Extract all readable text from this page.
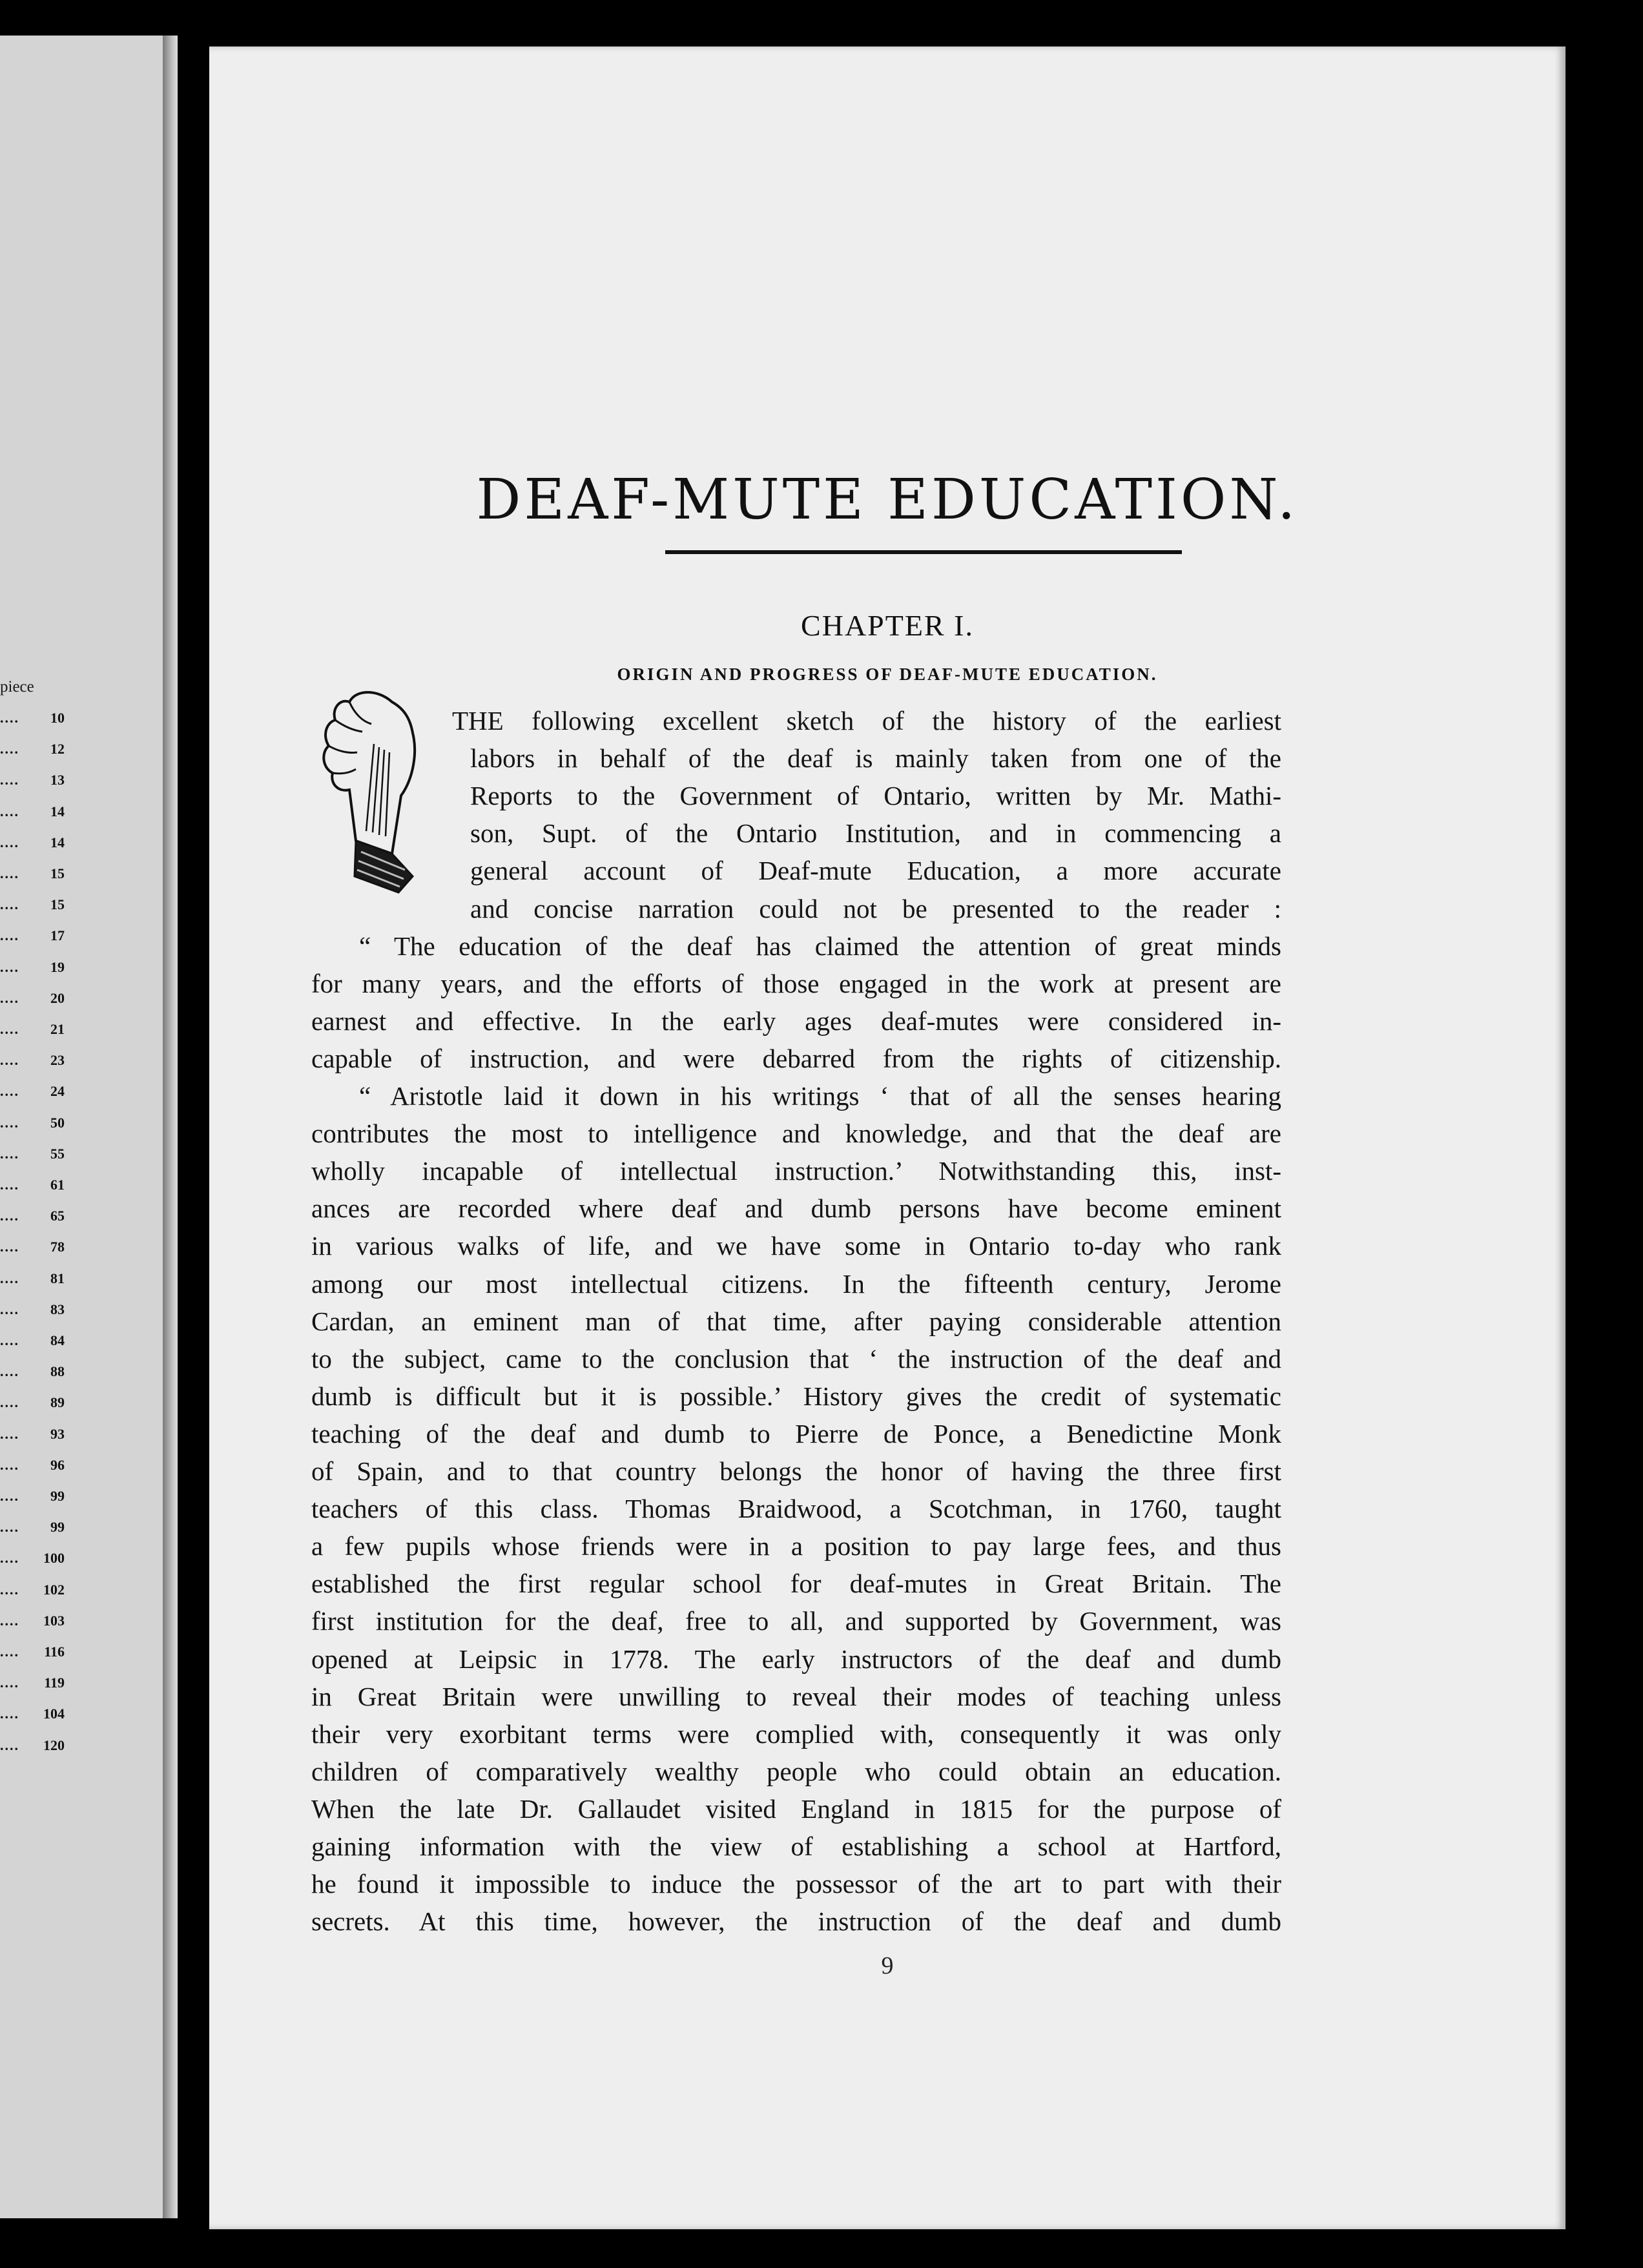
piece
....	10
....	12
....	13
....	14
....	14
....	15
....	15
....	17
....	19
....	20
....	21
....	23
....	24
....	50
....	55
....	61
....	65
....	78
....	81
....	83
....	84
....	88
....	89
....	93
....	96
....	99
....	99
.... 100
.... 102
.... 103
.... 116
.... 119
.... 104
.... 120
DEAF-MUTE EDUCATION.
CHAPTER I.
ORIGIN AND PROGRESS OF DEAF-MUTE EDUCATION.
THE following excellent sketch of the history of the earliest
labors in behalf of the deaf is mainly taken from one of the
Reports to the Government of Ontario, written by Mr. Mathi-
son, Supt. of the Ontario Institution, and in commencing a
general account of Deaf-mute Education, a more accurate
and concise narration could not be presented to the reader :
“ The education of the deaf has claimed the attention of great minds
for many years, and the efforts of those engaged in the work at present are
earnest and effective. In the early ages deaf-mutes were considered in-
capable of instruction, and were debarred from the rights of citizenship.
“ Aristotle laid it down in his writings ‘ that of all the senses hearing
contributes the most to intelligence and knowledge, and that the deaf are
wholly incapable of intellectual instruction.’ Notwithstanding this, inst-
ances are recorded where deaf and dumb persons have become eminent
in various walks of life, and we have some in Ontario to-day who rank
among our most intellectual citizens. In the fifteenth century, Jerome
Cardan, an eminent man of that time, after paying considerable attention
to the subject, came to the conclusion that ‘ the instruction of the deaf and
dumb is difficult but it is possible.’ History gives the credit of systematic
teaching of the deaf and dumb to Pierre de Ponce, a Benedictine Monk
of Spain, and to that country belongs the honor of having the three first
teachers of this class. Thomas Braidwood, a Scotchman, in 1760, taught
a few pupils whose friends were in a position to pay large fees, and thus
established the first regular school for deaf-mutes in Great Britain. The
first institution for the deaf, free to all, and supported by Government, was
opened at Leipsic in 1778. The early instructors of the deaf and dumb
in Great Britain were unwilling to reveal their modes of teaching unless
their very exorbitant terms were complied with, consequently it was only
children of comparatively wealthy people who could obtain an education.
When the late Dr. Gallaudet visited England in 1815 for the purpose of
gaining information with the view of establishing a school at Hartford,
he found it impossible to induce the possessor of the art to part with their
secrets. At this time, however, the instruction of the deaf and dumb
9
